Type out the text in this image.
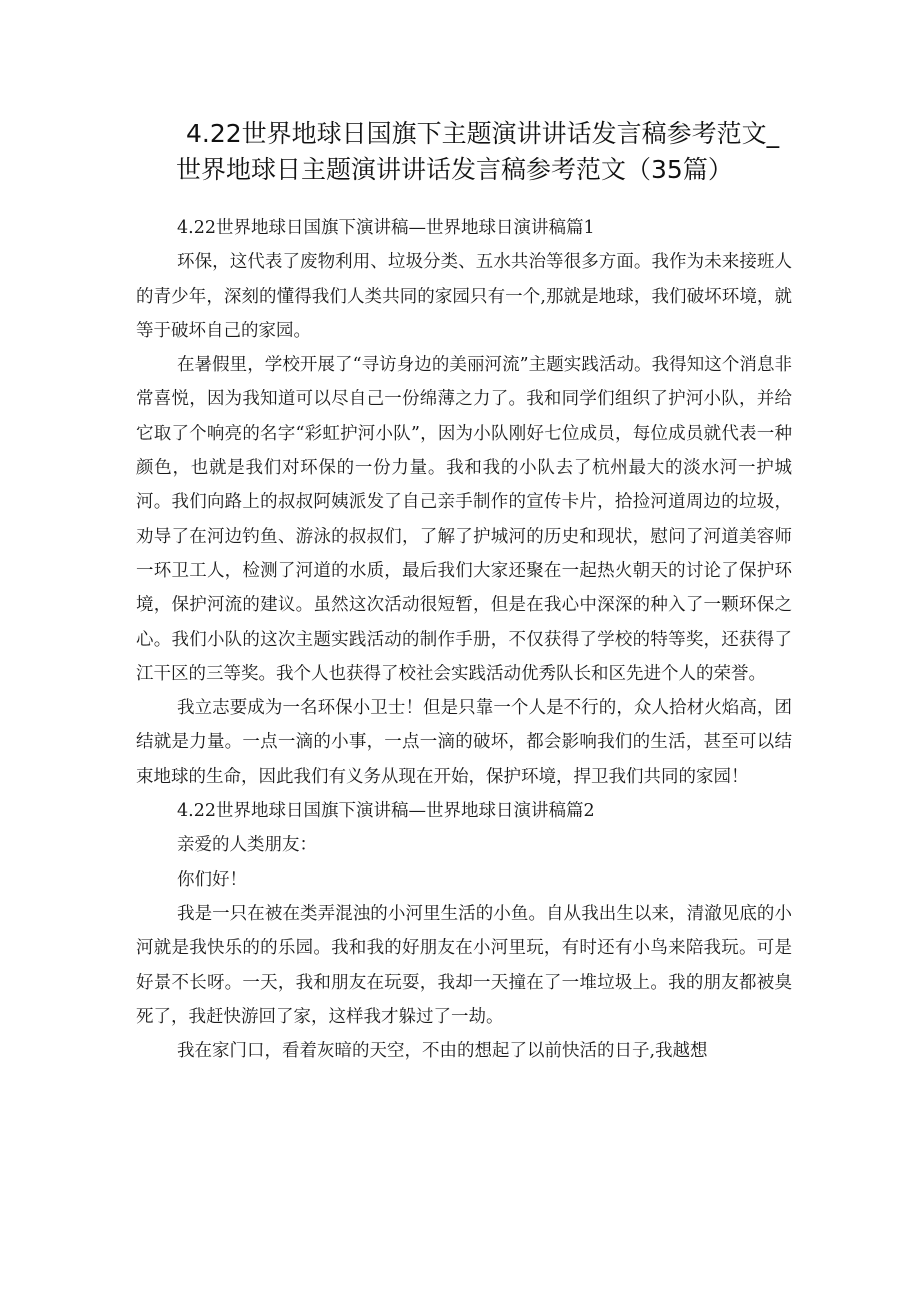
4.22世界地球日国旗下主题演讲讲话发言稿参考范文_世界地球日主题演讲讲话发言稿参考范文（35篇）

4.22世界地球日国旗下演讲稿—世界地球日演讲稿篇1

环保，这代表了废物利用、垃圾分类、五水共治等很多方面。我作为未来接班人的青少年，深刻的懂得我们人类共同的家园只有一个,那就是地球，我们破坏环境，就等于破坏自己的家园。

在暑假里，学校开展了“寻访身边的美丽河流”主题实践活动。我得知这个消息非常喜悦，因为我知道可以尽自己一份绵薄之力了。我和同学们组织了护河小队，并给它取了个响亮的名字“彩虹护河小队”，因为小队刚好七位成员，每位成员就代表一种颜色，也就是我们对环保的一份力量。我和我的小队去了杭州最大的淡水河一护城河。我们向路上的叔叔阿姨派发了自己亲手制作的宣传卡片，拾捡河道周边的垃圾，劝导了在河边钓鱼、游泳的叔叔们，了解了护城河的历史和现状，慰问了河道美容师一环卫工人，检测了河道的水质，最后我们大家还聚在一起热火朝天的讨论了保护环境，保护河流的建议。虽然这次活动很短暂，但是在我心中深深的种入了一颗环保之心。我们小队的这次主题实践活动的制作手册，不仅获得了学校的特等奖，还获得了江干区的三等奖。我个人也获得了校社会实践活动优秀队长和区先进个人的荣誉。

我立志要成为一名环保小卫士！但是只靠一个人是不行的，众人拾材火焰高，团结就是力量。一点一滴的小事，一点一滴的破坏，都会影响我们的生活，甚至可以结束地球的生命，因此我们有义务从现在开始，保护环境，捍卫我们共同的家园！

4.22世界地球日国旗下演讲稿—世界地球日演讲稿篇2

亲爱的人类朋友：

你们好！

我是一只在被在类弄混浊的小河里生活的小鱼。自从我出生以来，清澈见底的小河就是我快乐的的乐园。我和我的好朋友在小河里玩，有时还有小鸟来陪我玩。可是好景不长呀。一天，我和朋友在玩耍，我却一天撞在了一堆垃圾上。我的朋友都被臭死了，我赶快游回了家，这样我才躲过了一劫。

我在家门口，看着灰暗的天空，不由的想起了以前快活的日子,我越想
